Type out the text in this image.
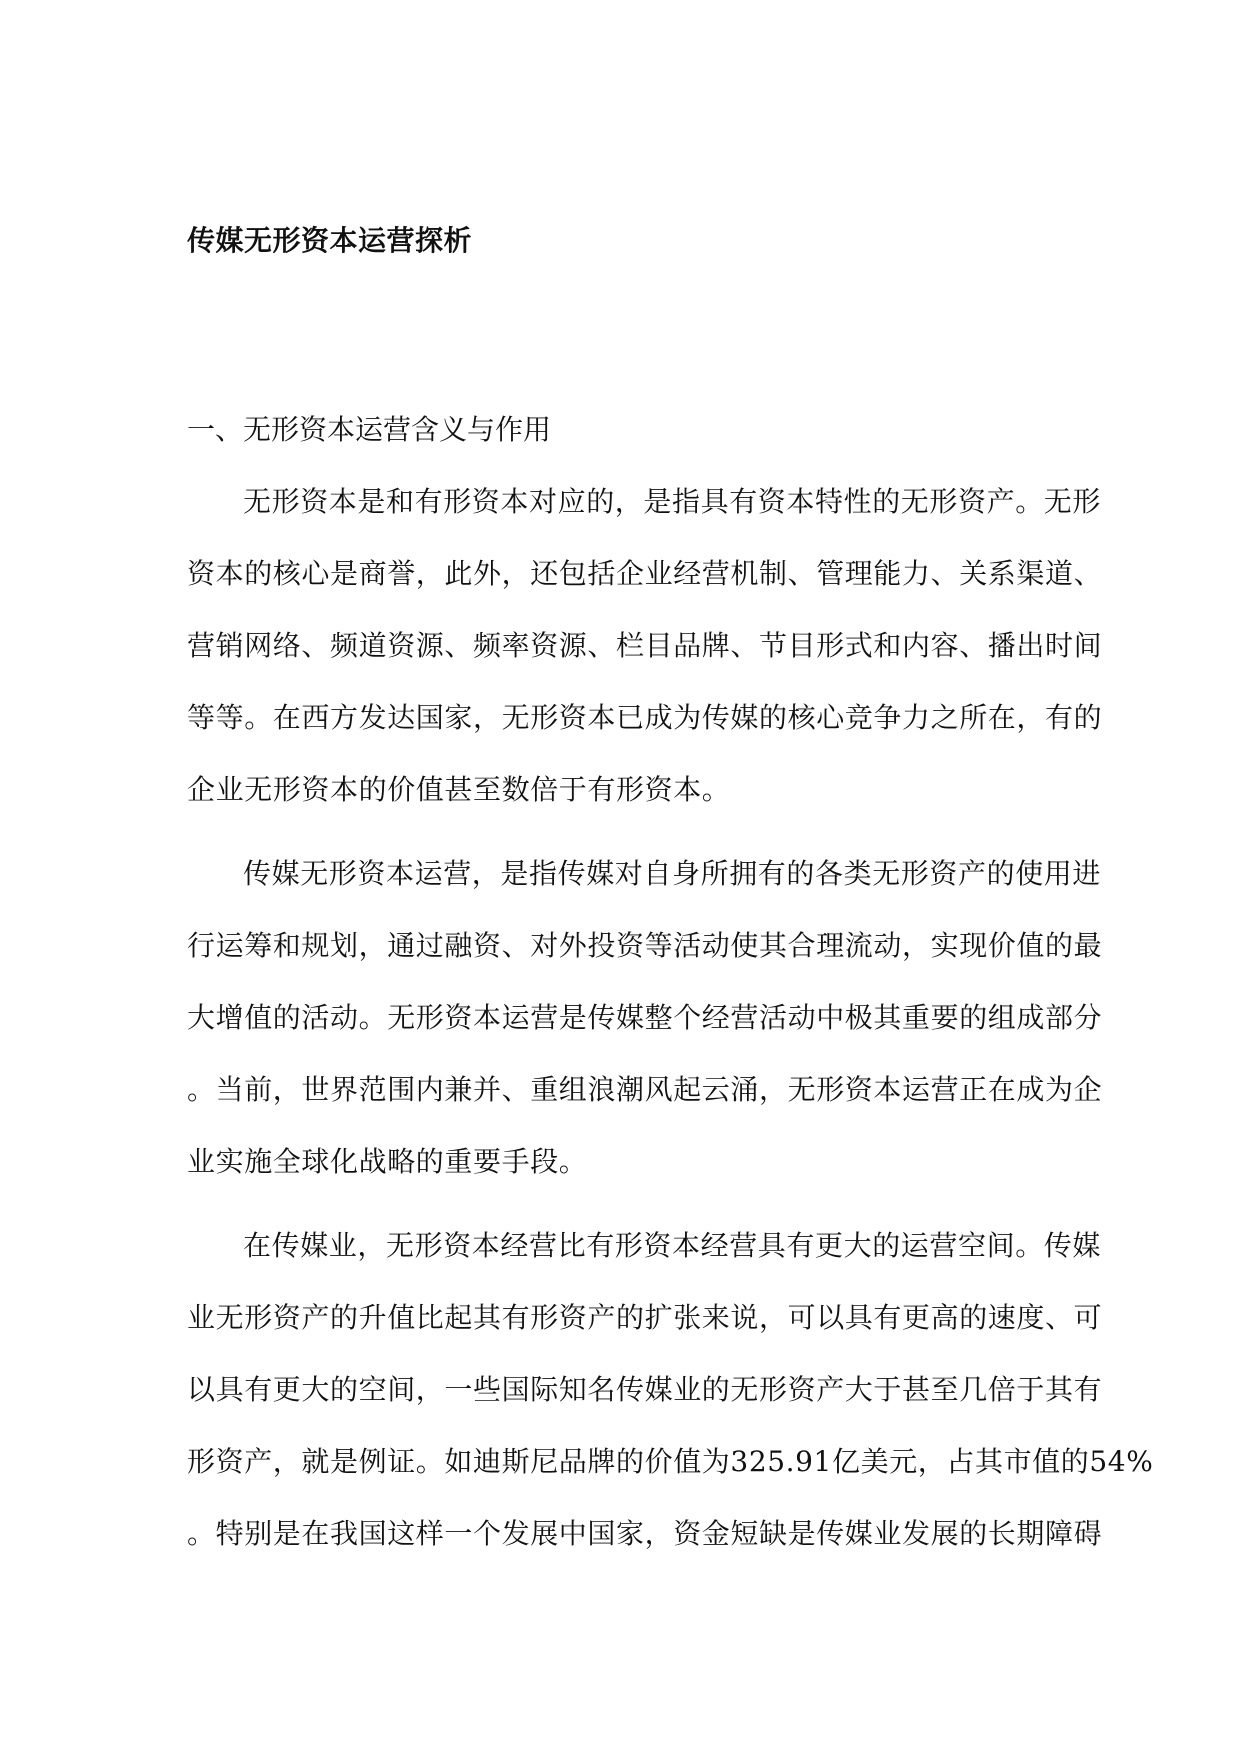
传媒无形资本运营探析
一、无形资本运营含义与作用

无形资本是和有形资本对应的，是指具有资本特性的无形资产。无形
资本的核心是商誉，此外，还包括企业经营机制、管理能力、关系渠道、
营销网络、频道资源、频率资源、栏目品牌、节目形式和内容、播出时间
等等。在西方发达国家，无形资本已成为传媒的核心竞争力之所在，有的
企业无形资本的价值甚至数倍于有形资本。

传媒无形资本运营，是指传媒对自身所拥有的各类无形资产的使用进
行运筹和规划，通过融资、对外投资等活动使其合理流动，实现价值的最
大增值的活动。无形资本运营是传媒整个经营活动中极其重要的组成部分
。当前，世界范围内兼并、重组浪潮风起云涌，无形资本运营正在成为企
业实施全球化战略的重要手段。

在传媒业，无形资本经营比有形资本经营具有更大的运营空间。传媒
业无形资产的升值比起其有形资产的扩张来说，可以具有更高的速度、可
以具有更大的空间，一些国际知名传媒业的无形资产大于甚至几倍于其有
形资产，就是例证。如迪斯尼品牌的价值为325.91亿美元，占其市值的54%
。特别是在我国这样一个发展中国家，资金短缺是传媒业发展的长期障碍
